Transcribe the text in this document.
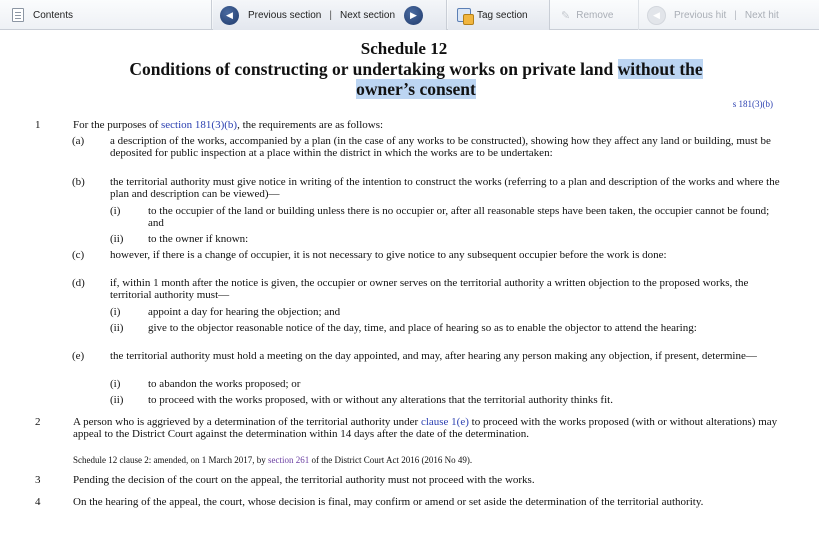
Contents	◀	Previous section | Next section	▶	Tag section	✎ Remove	◀	Previous hit | Next hit
Schedule 12
Conditions of constructing or undertaking works on private land without the
owner’s consent
s 181(3)(b)
1	For the purposes of section 181(3)(b), the requirements are as follows:
(a) a description of the works, accompanied by a plan (in the case of any works to be constructed), showing how they affect any land or building, must be deposited for public inspection at a place within the district in which the works are to be undertaken:
(b) the territorial authority must give notice in writing of the intention to construct the works (referring to a plan and description of the works and where the plan and description can be viewed)—
(i)	to the occupier of the land or building unless there is no occupier or, after all reasonable steps have been taken, the occupier cannot be found; and
(ii) to the owner if known:
(c) however, if there is a change of occupier, it is not necessary to give notice to any subsequent occupier before the work is done:
(d) if, within 1 month after the notice is given, the occupier or owner serves on the territorial authority a written objection to the proposed works, the territorial authority must—
(i)	appoint a day for hearing the objection; and
(ii) give to the objector reasonable notice of the day, time, and place of hearing so as to enable the objector to attend the hearing:
(e) the territorial authority must hold a meeting on the day appointed, and may, after hearing any person making any objection, if present, determine—
(i)	to abandon the works proposed; or
(ii) to proceed with the works proposed, with or without any alterations that the territorial authority thinks fit.
2	A person who is aggrieved by a determination of the territorial authority under clause 1(e) to proceed with the works proposed (with or without alterations) may appeal to the District Court against the determination within 14 days after the date of the determination.
Schedule 12 clause 2: amended, on 1 March 2017, by section 261 of the District Court Act 2016 (2016 No 49).
3	Pending the decision of the court on the appeal, the territorial authority must not proceed with the works.
4	On the hearing of the appeal, the court, whose decision is final, may confirm or amend or set aside the determination of the territorial authority.
